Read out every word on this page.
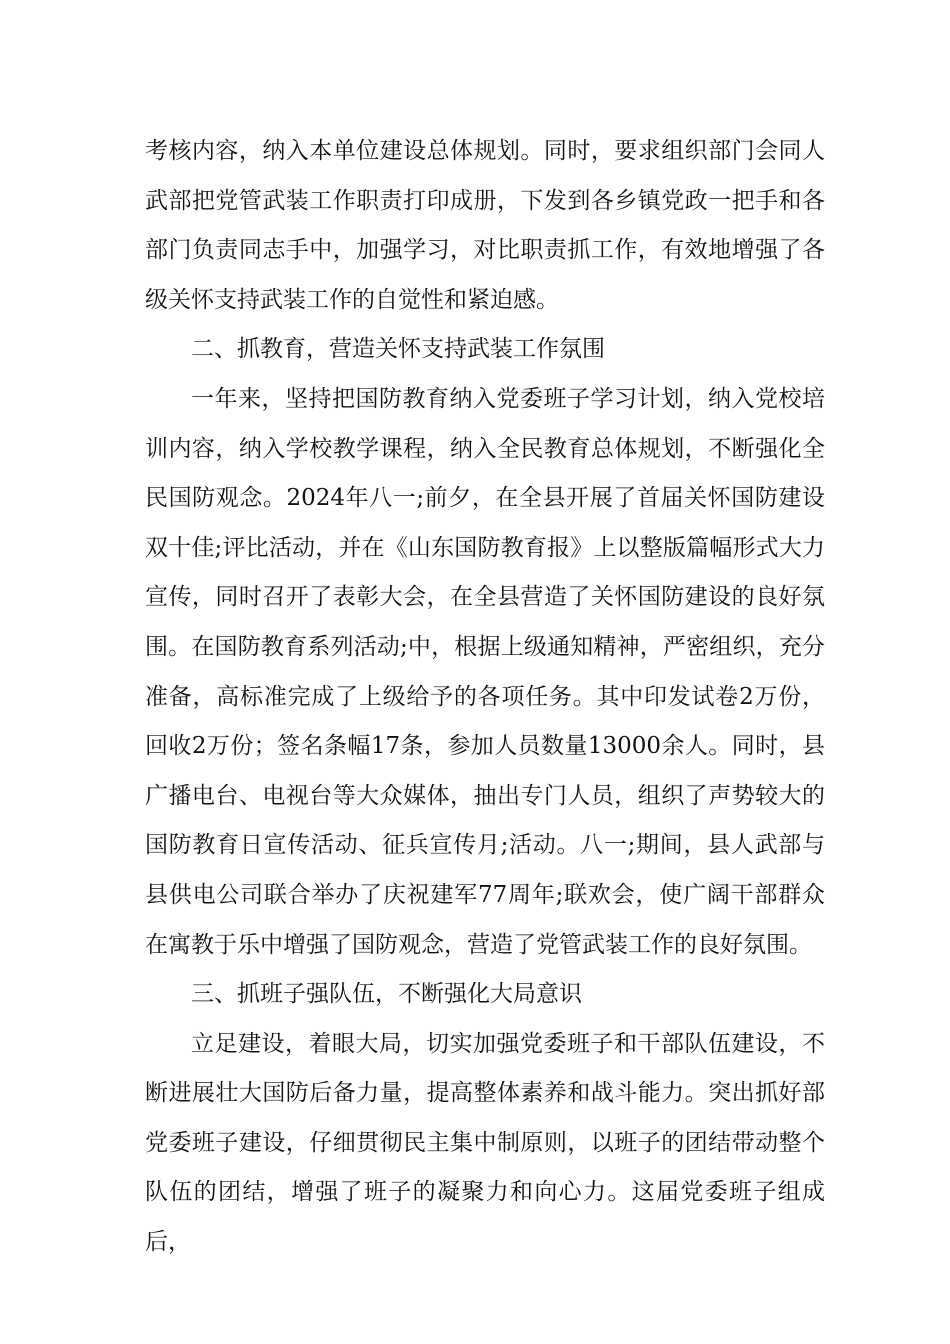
考核内容，纳入本单位建设总体规划。同时，要求组织部门会同人武部把党管武装工作职责打印成册，下发到各乡镇党政一把手和各部门负责同志手中，加强学习，对比职责抓工作，有效地增强了各级关怀支持武装工作的自觉性和紧迫感。

二、抓教育，营造关怀支持武装工作氛围

一年来，坚持把国防教育纳入党委班子学习计划，纳入党校培训内容，纳入学校教学课程，纳入全民教育总体规划，不断强化全民国防观念。2024年八一;前夕，在全县开展了首届关怀国防建设双十佳;评比活动，并在《山东国防教育报》上以整版篇幅形式大力宣传，同时召开了表彰大会，在全县营造了关怀国防建设的良好氛围。在国防教育系列活动;中，根据上级通知精神，严密组织，充分准备，高标准完成了上级给予的各项任务。其中印发试卷2万份，回收2万份；签名条幅17条，参加人员数量13000余人。同时，县广播电台、电视台等大众媒体，抽出专门人员，组织了声势较大的国防教育日宣传活动、征兵宣传月;活动。八一;期间，县人武部与县供电公司联合举办了庆祝建军77周年;联欢会，使广阔干部群众在寓教于乐中增强了国防观念，营造了党管武装工作的良好氛围。

三、抓班子强队伍，不断强化大局意识

立足建设，着眼大局，切实加强党委班子和干部队伍建设，不断进展壮大国防后备力量，提高整体素养和战斗能力。突出抓好部党委班子建设，仔细贯彻民主集中制原则，以班子的团结带动整个队伍的团结，增强了班子的凝聚力和向心力。这届党委班子组成后，
